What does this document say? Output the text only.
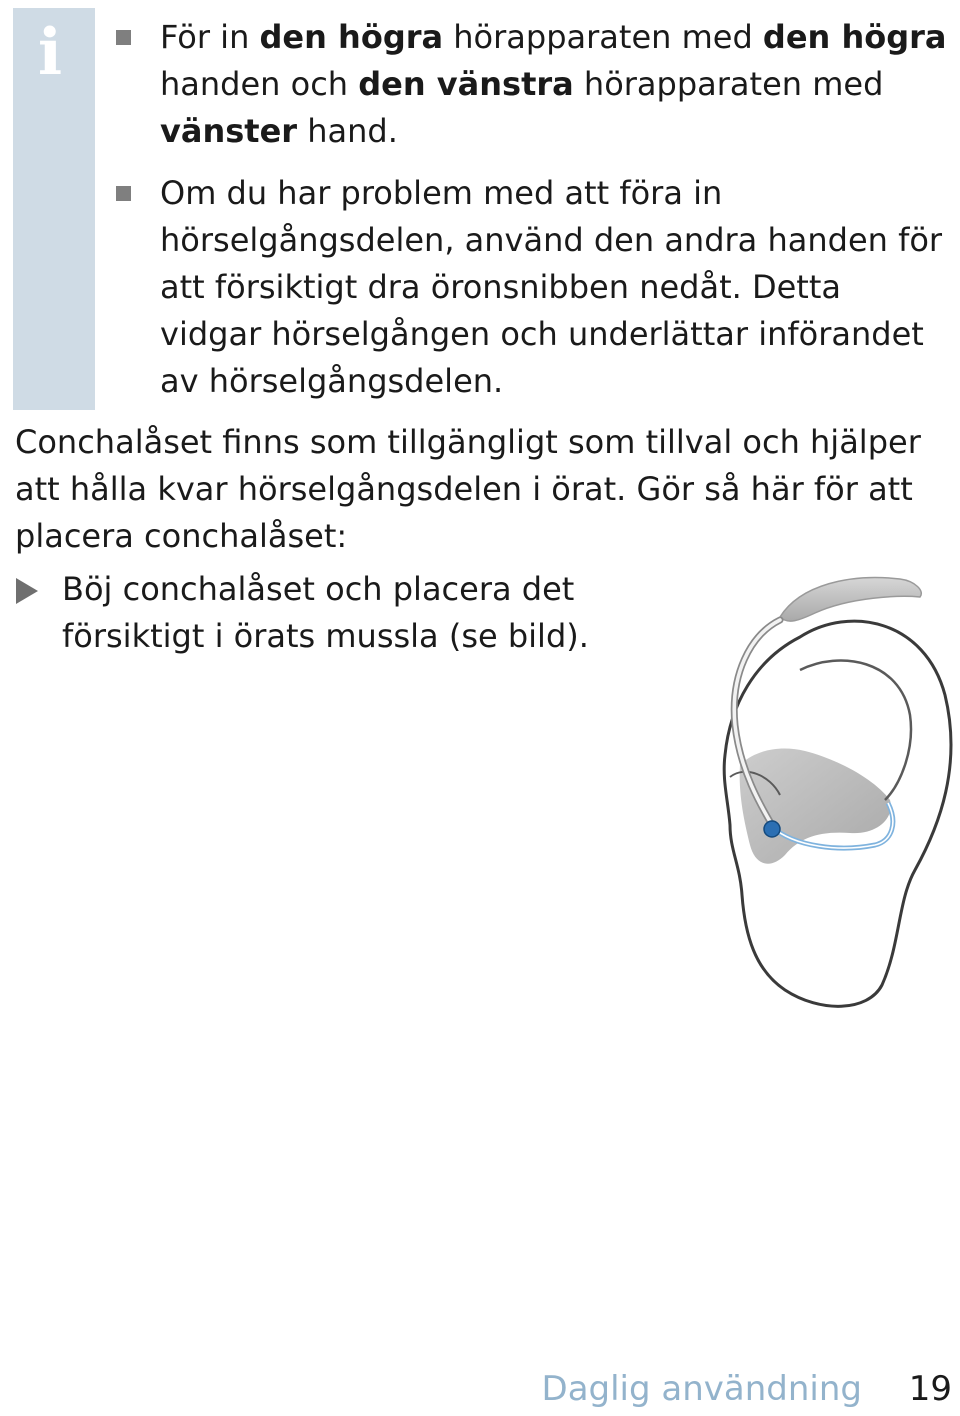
i	För in den högra hörapparaten med den högra handen och den vänstra hörapparaten med vänster hand.
Om du har problem med att föra in hörselgångsdelen, använd den andra handen för att försiktigt dra öronsnibben nedåt. Detta vidgar hörselgången och underlättar införandet av hörselgångsdelen.

Conchalåset finns som tillgängligt som tillval och hjälper att hålla kvar hörselgångsdelen i örat. Gör så här för att placera conchalåset:

Böj conchalåset och placera det försiktigt i örats mussla (se bild).

Daglig användning 19
